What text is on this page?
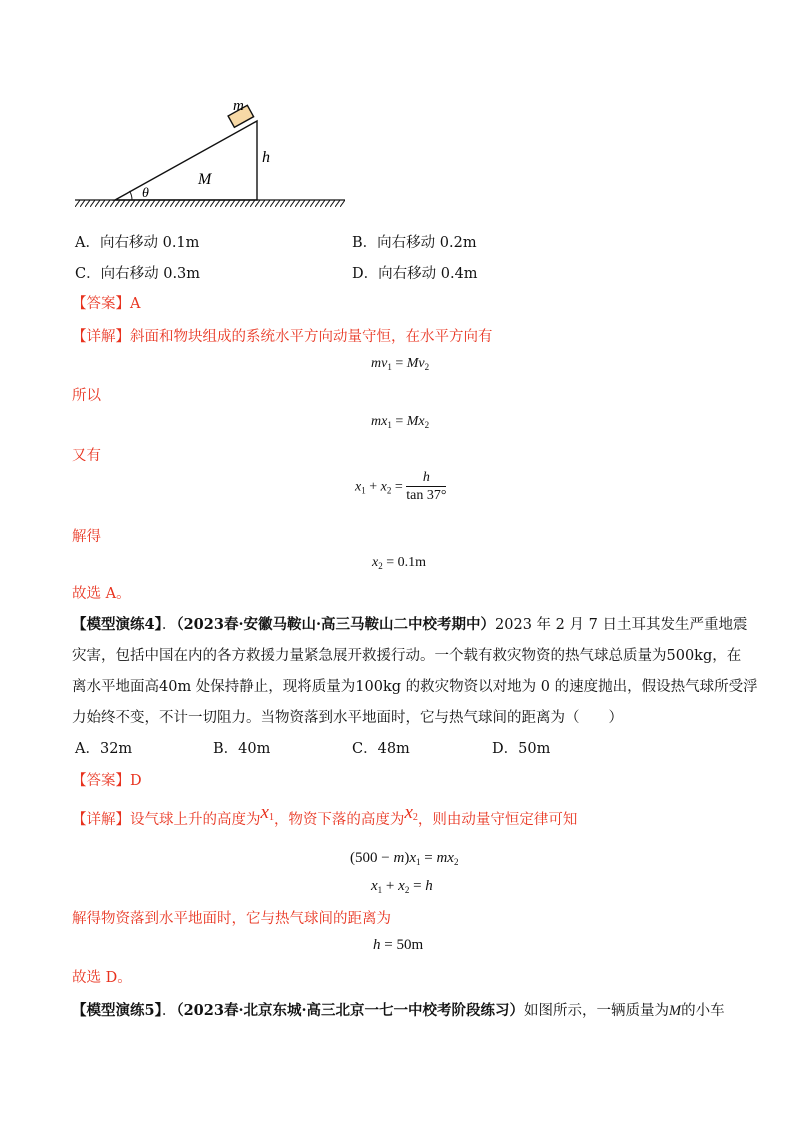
m
h
M
θ
A．向右移动 0.1m	B．向右移动 0.2m
C．向右移动 0.3m	D．向右移动 0.4m
【答案】A
【详解】斜面和物块组成的系统水平方向动量守恒，在水平方向有
$mv_1 = Mv_2$
所以
$mx_1 = Mx_2$
又有
$x_1 + x_2 = \frac{h}{\tan 37^\circ}$
解得
$x_2 = 0.1m$
故选 A。
【模型演练4】．（2023春·安徽马鞍山·高三马鞍山二中校考期中）2023 年 2 月 7 日土耳其发生严重地震
灾害，包括中国在内的各方救援力量紧急展开救援行动。一个载有救灾物资的热气球总质量为500kg，在
离水平地面高40m 处保持静止，现将质量为100kg 的救灾物资以对地为 0 的速度抛出，假设热气球所受浮
力始终不变，不计一切阻力。当物资落到水平地面时，它与热气球间的距离为（　　）
A．32m	B．40m	C．48m	D．50m
【答案】D
【详解】设气球上升的高度为$x_1$，物资下落的高度为$x_2$，则由动量守恒定律可知
$(500 - m)x_1 = mx_2$
$x_1 + x_2 = h$
解得物资落到水平地面时，它与热气球间的距离为
h = 50m
故选 D。
【模型演练5】．（2023春·北京东城·高三北京一七一中校考阶段练习）如图所示，一辆质量为M的小车
